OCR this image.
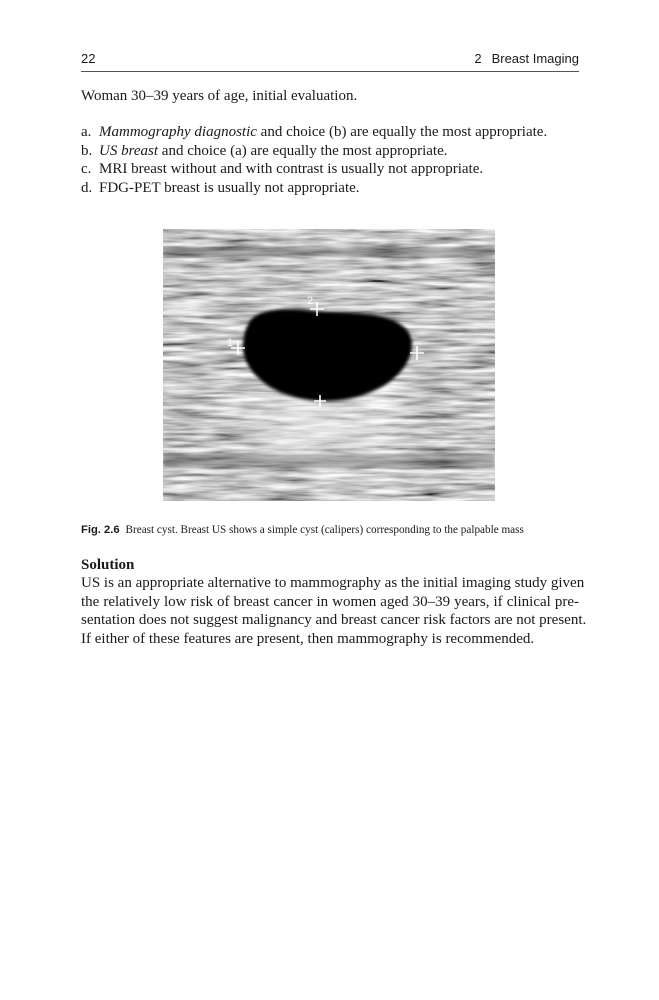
22	2 Breast Imaging
Woman 30–39 years of age, initial evaluation.
a. Mammography diagnostic and choice (b) are equally the most appropriate.
b. US breast and choice (a) are equally the most appropriate.
c. MRI breast without and with contrast is usually not appropriate.
d. FDG-PET breast is usually not appropriate.
1
2
Fig. 2.6 Breast cyst. Breast US shows a simple cyst (calipers) corresponding to the palpable mass
Solution
US is an appropriate alternative to mammography as the initial imaging study given
the relatively low risk of breast cancer in women aged 30–39 years, if clinical pre-
sentation does not suggest malignancy and breast cancer risk factors are not present.
If either of these features are present, then mammography is recommended.
